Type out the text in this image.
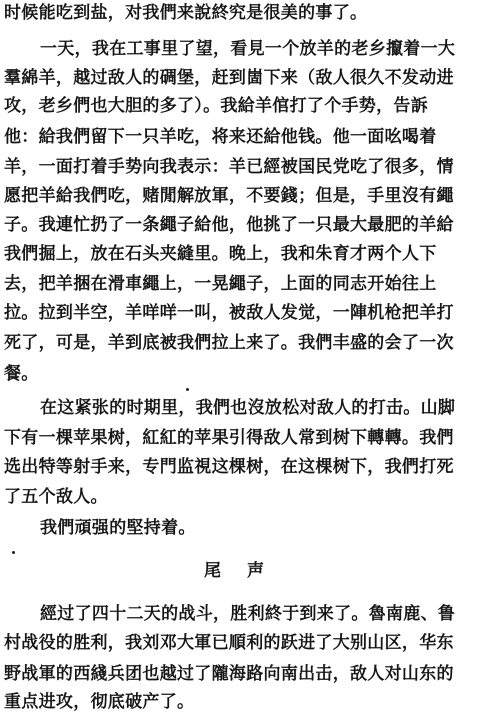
时候能吃到盐，对我們来說終究是很美的事了。
一天，我在工事里了望，看見一个放羊的老乡攛着一大
羣綿羊，越过敌人的碉堡，赶到崮下来（敌人很久不发动进
攻，老乡們也大胆的多了）。我給羊倌打了个手势，告訴
他：給我們留下一只羊吃，将来还給他钱。他一面吆喝着
羊，一面打着手势向我表示：羊已經被国民党吃了很多，情
愿把羊給我們吃，赌閒解放軍，不要錢；但是，手里沒有繩
子。我連忙扔了一条繩子給他，他挑了一只最大最肥的羊給
我們掘上，放在石头夹縫里。晚上，我和朱育才两个人下
去，把羊捆在滑車繩上，一晃繩子，上面的同志开始往上
拉。拉到半空，羊咩咩一叫，被敌人发觉，一陣机枪把羊打
死了，可是，羊到底被我們拉上来了。我們丰盛的会了一次
餐。
在这紧张的时期里，我們也沒放松对敌人的打击。山脚
下有一棵苹果树，紅紅的苹果引得敌人常到树下轉轉。我們
选出特等射手来，专門监視这棵树，在这棵树下，我們打死
了五个敌人。
我們頑强的堅持着。
尾 声
經过了四十二天的战斗，胜利終于到来了。魯南鹿、鲁
村战役的胜利，我刘邓大軍已順利的跃进了大别山区，华东
野战軍的西綫兵团也越过了隴海路向南出击，敌人对山东的
重点进攻，彻底破产了。
